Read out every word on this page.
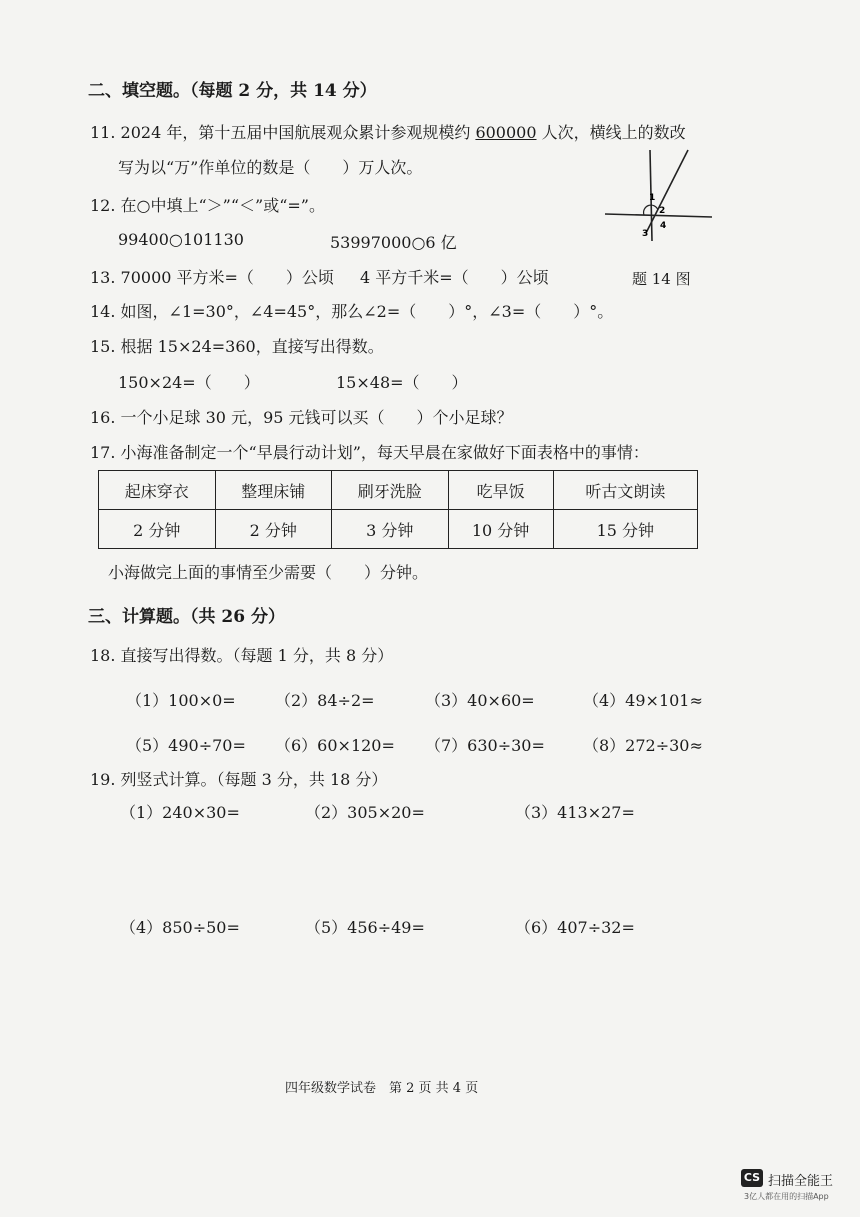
二、填空题。（每题 2 分，共 14 分）
11. 2024 年，第十五届中国航展观众累计参观规模约 600000 人次，横线上的数改
写为以“万”作单位的数是（　　）万人次。
12. 在○中填上“＞”“＜”或“=”。
99400○101130	53997000○6 亿
1
2
3
4
13. 70000 平方米=（　　）公顷 4 平方千米=（　　）公顷	题 14 图
14. 如图，∠1=30°，∠4=45°，那么∠2=（　　）°，∠3=（　　）°。
15. 根据 15×24=360，直接写出得数。
150×24=（　　）	15×48=（　　）
16. 一个小足球 30 元，95 元钱可以买（　　）个小足球？
17. 小海准备制定一个“早晨行动计划”，每天早晨在家做好下面表格中的事情：
起床穿衣	整理床铺	刷牙洗脸	吃早饭	听古文朗读
2 分钟	2 分钟	3 分钟	10 分钟	15 分钟
小海做完上面的事情至少需要（　　）分钟。
三、计算题。（共 26 分）
18. 直接写出得数。（每题 1 分，共 8 分）
（1）100×0= （2）84÷2=	（3）40×60=	（4）49×101≈
（5）490÷70= （6）60×120= （7）630÷30= （8）272÷30≈
19. 列竖式计算。（每题 3 分，共 18 分）
（1）240×30=	（2）305×20=	（3）413×27=
（4）850÷50=	（5）456÷49=	（6）407÷32=
四年级数学试卷　第 2 页 共 4 页
CS 扫描全能王
3亿人都在用的扫描App
